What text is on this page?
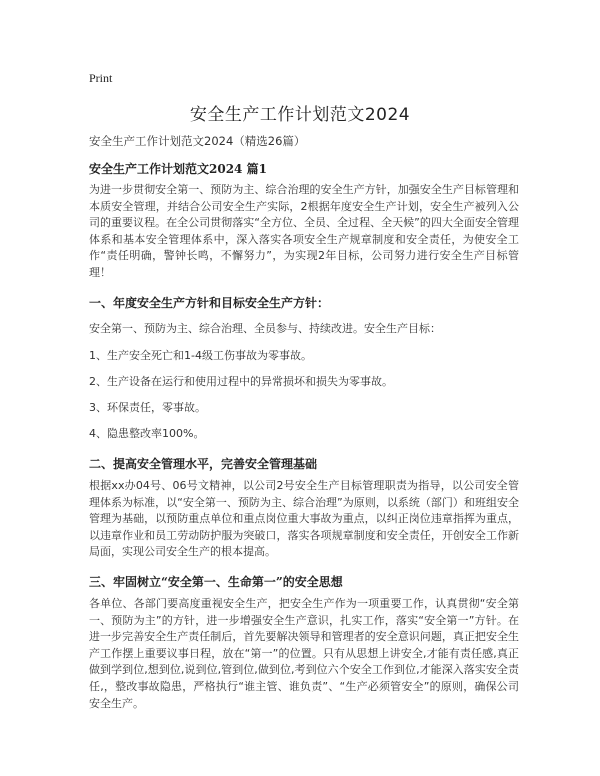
Print
安全生产工作计划范文2024
安全生产工作计划范文2024（精选26篇）
安全生产工作计划范文2024 篇1
为进一步贯彻安全第一、预防为主、综合治理的安全生产方针，加强安全生产目标管理和本质安全管理，并结合公司安全生产实际，2根据年度安全生产计划，安全生产被列入公司的重要议程。在全公司贯彻落实“全方位、全员、全过程、全天候”的四大全面安全管理体系和基本安全管理体系中，深入落实各项安全生产规章制度和安全责任，为使安全工作“责任明确，警钟长鸣，不懈努力”，为实现2年目标，公司努力进行安全生产目标管理！
一、年度安全生产方针和目标安全生产方针：
安全第一、预防为主、综合治理、全员参与、持续改进。安全生产目标：
1、生产安全死亡和1-4级工伤事故为零事故。
2、生产设备在运行和使用过程中的异常损坏和损失为零事故。
3、环保责任，零事故。
4、隐患整改率100%。
二、提高安全管理水平，完善安全管理基础
根据xx办04号、06号文精神，以公司2号安全生产目标管理职责为指导，以公司安全管理体系为标准，以“安全第一、预防为主、综合治理”为原则，以系统（部门）和班组安全管理为基础，以预防重点单位和重点岗位重大事故为重点，以纠正岗位违章指挥为重点，以违章作业和员工劳动防护服为突破口，落实各项规章制度和安全责任，开创安全工作新局面，实现公司安全生产的根本提高。
三、牢固树立“安全第一、生命第一”的安全思想
各单位、各部门要高度重视安全生产，把安全生产作为一项重要工作，认真贯彻“安全第一、预防为主”的方针，进一步增强安全生产意识，扎实工作，落实“安全第一”方针。在进一步完善安全生产责任制后，首先要解决领导和管理者的安全意识问题，真正把安全生产工作摆上重要议事日程，放在“第一”的位置。只有从思想上讲安全,才能有责任感,真正做到学到位,想到位,说到位,管到位,做到位,考到位六个安全工作到位,才能深入落实安全责任,，整改事故隐患，严格执行“谁主管、谁负责”、“生产必须管安全”的原则，确保公司安全生产。
